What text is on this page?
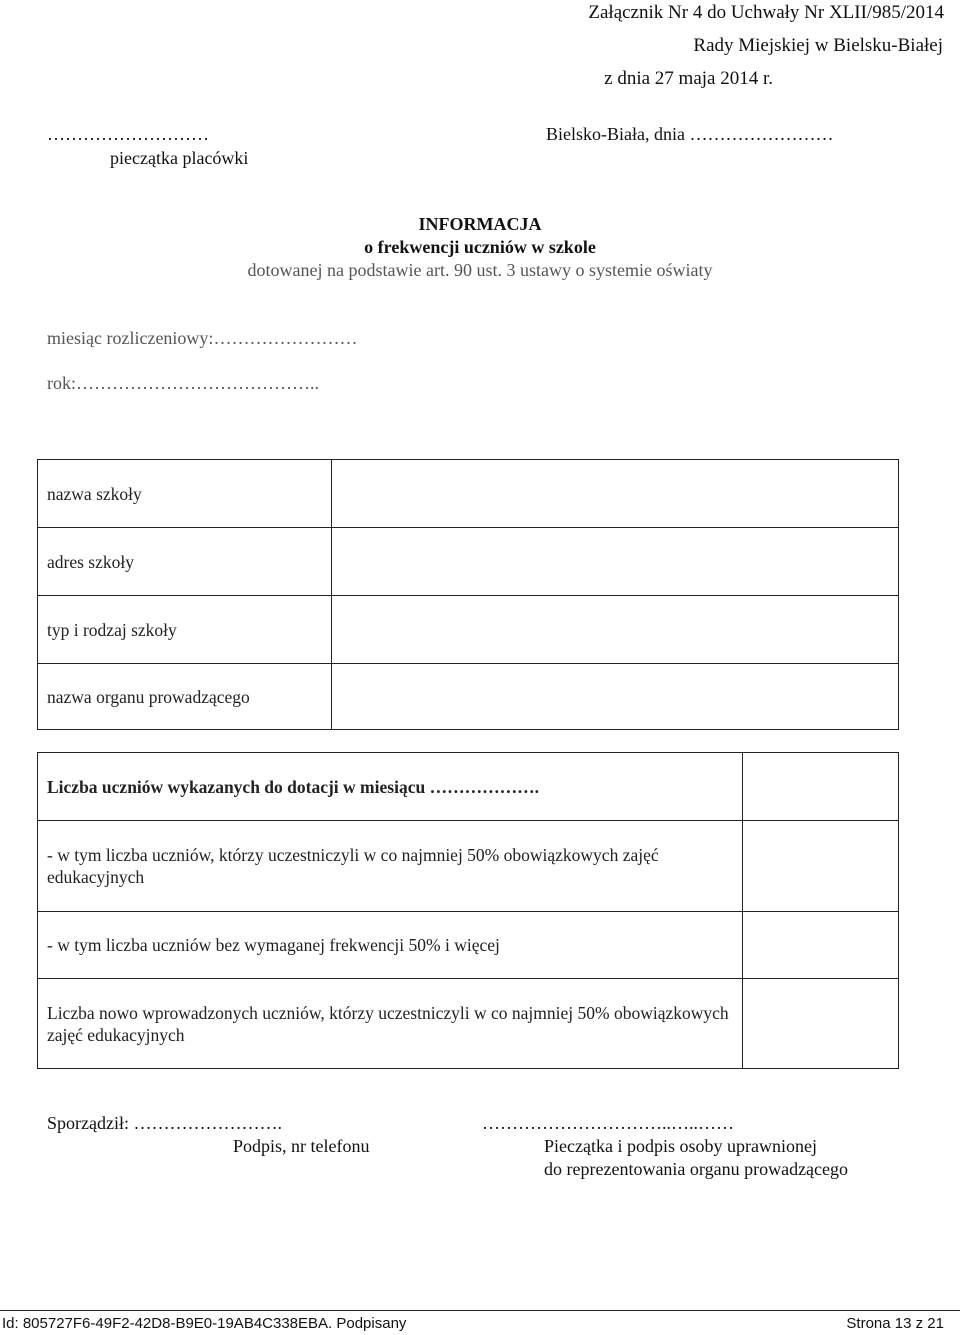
Załącznik Nr 4 do Uchwały Nr XLII/985/2014
Rady Miejskiej w Bielsku-Białej
z dnia 27 maja 2014 r.
………………………
pieczątka placówki
Bielsko-Biała, dnia ……………………
INFORMACJA
o frekwencji uczniów w szkole
dotowanej na podstawie art. 90 ust. 3 ustawy o systemie oświaty
miesiąc rozliczeniowy:……………………
rok:…………………………………..
nazwa szkoły	
adres szkoły	
typ i rodzaj szkoły	
nazwa organu prowadzącego	
Liczba uczniów wykazanych do dotacji w miesiącu ……………….	
- w tym liczba uczniów, którzy uczestniczyli w co najmniej 50% obowiązkowych zajęć edukacyjnych	
- w tym liczba uczniów bez wymaganej frekwencji 50% i więcej	
Liczba nowo wprowadzonych uczniów, którzy uczestniczyli w co najmniej 50% obowiązkowych zajęć edukacyjnych	
Sporządził: …………………….
Podpis, nr telefonu
…………………………..…..……
Pieczątka i podpis osoby uprawnionej
do reprezentowania organu prowadzącego
Id: 805727F6-49F2-42D8-B9E0-19AB4C338EBA. Podpisany	Strona 13 z 21
